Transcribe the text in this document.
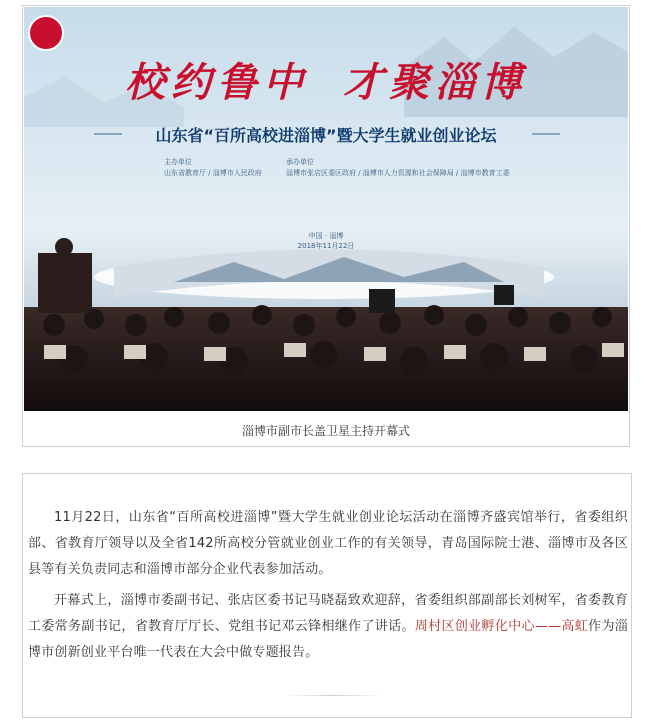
校约鲁中 才聚淄博
山东省“百所高校进淄博”暨大学生就业创业论坛
主办单位
山东省教育厅 / 淄博市人民政府
承办单位
淄博市张店区委区政府 / 淄博市人力资源和社会保障局 / 淄博市教育工委
中国 · 淄博
2018年11月22日
淄博市副市长盖卫星主持开幕式

11月22日，山东省“百所高校进淄博”暨大学生就业创业论坛活动在淄博齐盛宾馆举行，省委组织部、省教育厅领导以及全省142所高校分管就业创业工作的有关领导，青岛国际院士港、淄博市及各区县等有关负责同志和淄博市部分企业代表参加活动。

开幕式上，淄博市委副书记、张店区委书记马晓磊致欢迎辞，省委组织部副部长刘树军，省委教育工委常务副书记，省教育厅厅长、党组书记邓云锋相继作了讲话。周村区创业孵化中心——高虹作为淄博市创新创业平台唯一代表在大会中做专题报告。
